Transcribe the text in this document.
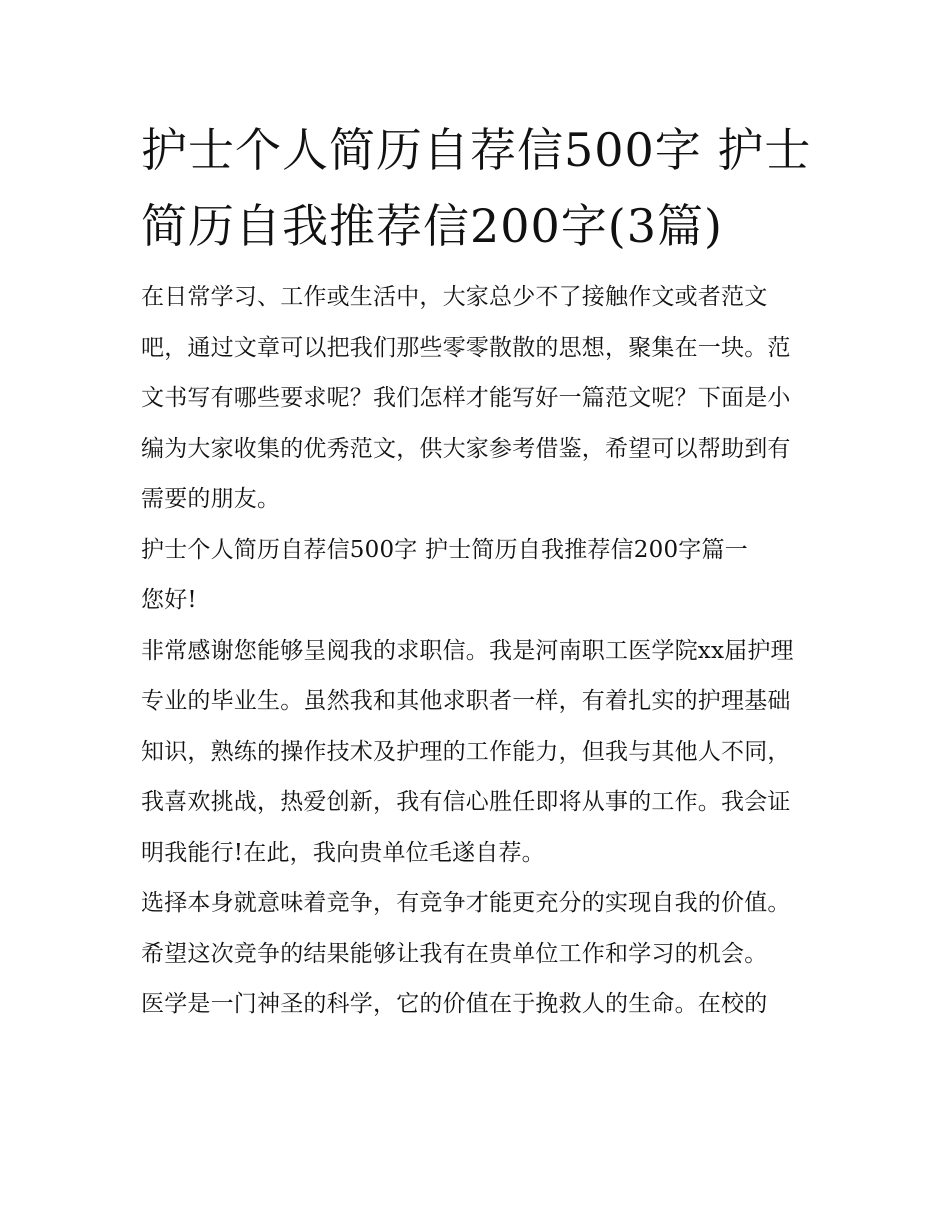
护士个人简历自荐信500字 护士简历自我推荐信200字(3篇)

在日常学习、工作或生活中，大家总少不了接触作文或者范文吧，通过文章可以把我们那些零零散散的思想，聚集在一块。范文书写有哪些要求呢？我们怎样才能写好一篇范文呢？下面是小编为大家收集的优秀范文，供大家参考借鉴，希望可以帮助到有需要的朋友。

护士个人简历自荐信500字 护士简历自我推荐信200字篇一

您好!

非常感谢您能够呈阅我的求职信。我是河南职工医学院xx届护理专业的毕业生。虽然我和其他求职者一样，有着扎实的护理基础知识，熟练的操作技术及护理的工作能力，但我与其他人不同，我喜欢挑战，热爱创新，我有信心胜任即将从事的工作。我会证明我能行!在此，我向贵单位毛遂自荐。

选择本身就意味着竞争，有竞争才能更充分的实现自我的价值。希望这次竞争的结果能够让我有在贵单位工作和学习的机会。

医学是一门神圣的科学，它的价值在于挽救人的生命。在校的
